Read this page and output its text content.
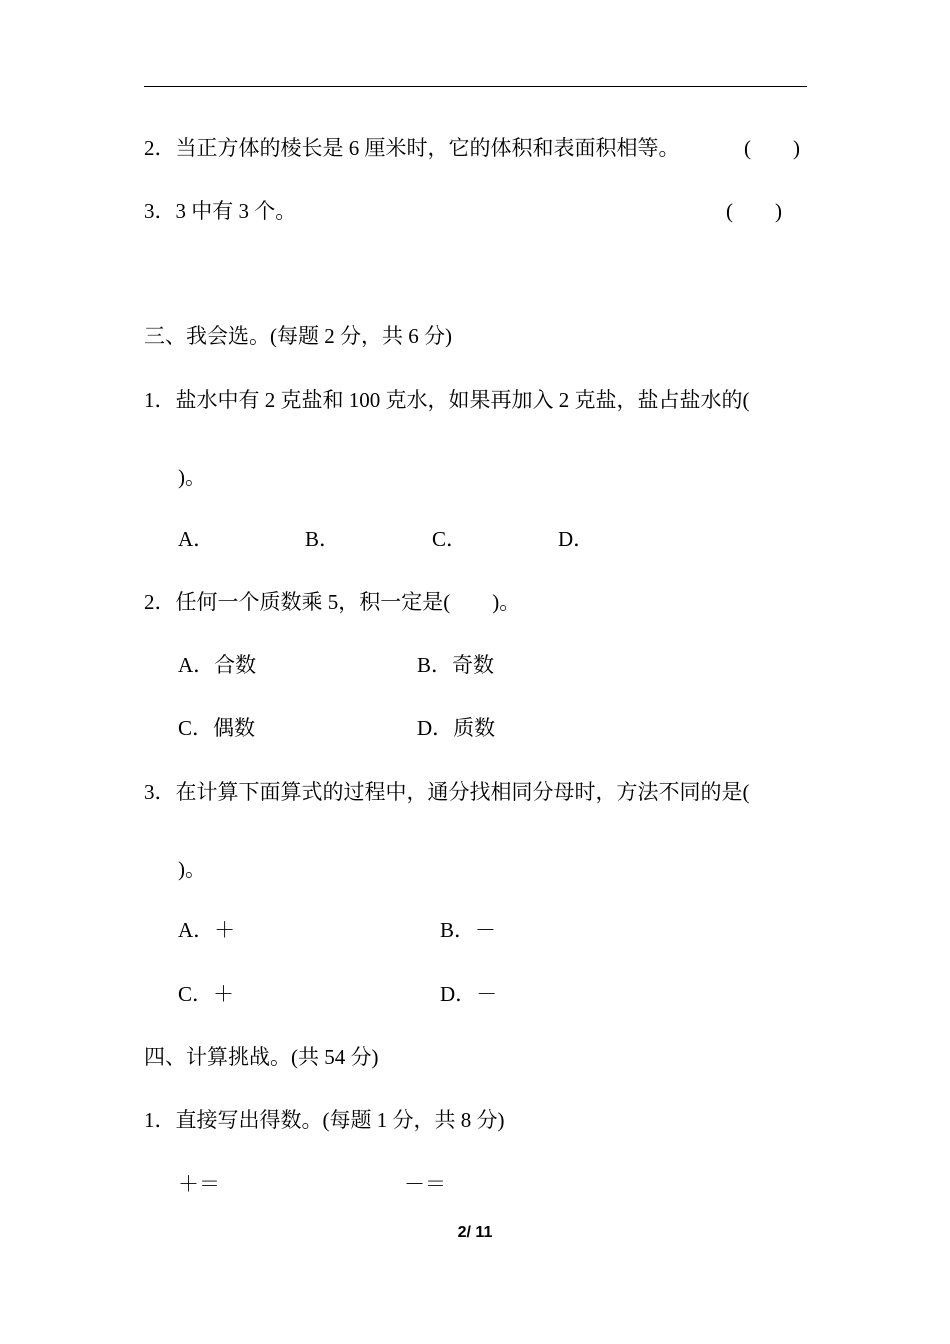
2．当正方体的棱长是 6 厘米时，它的体积和表面积相等。	(　　)
3．3 中有 3 个。	(　　)
三、我会选。(每题 2 分，共 6 分)
1．盐水中有 2 克盐和 100 克水，如果再加入 2 克盐，盐占盐水的(
)。
A．	B．	C．	D．
2．任何一个质数乘 5，积一定是(　　)。
A．合数	B．奇数
C．偶数	D．质数
3．在计算下面算式的过程中，通分找相同分母时，方法不同的是(
)。
A．＋	B．－
C．＋	D．－
四、计算挑战。(共 54 分)
1．直接写出得数。(每题 1 分，共 8 分)
＋＝	－＝
2/ 11
